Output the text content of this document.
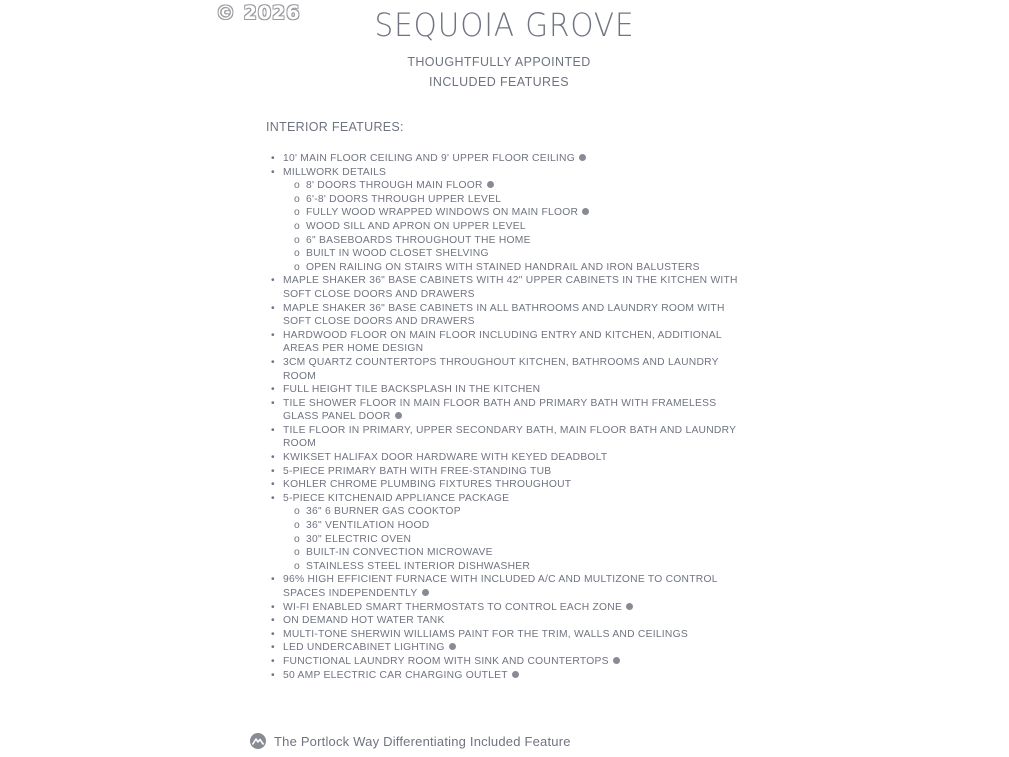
© 2026	SEQUOIA GROVE
THOUGHTFULLY APPOINTED
INCLUDED FEATURES
INTERIOR FEATURES:
• 10' MAIN FLOOR CEILING AND 9' UPPER FLOOR CEILING
• MILLWORK DETAILS
o 8' DOORS THROUGH MAIN FLOOR
o 6'-8' DOORS THROUGH UPPER LEVEL
o FULLY WOOD WRAPPED WINDOWS ON MAIN FLOOR
o WOOD SILL AND APRON ON UPPER LEVEL
o 6" BASEBOARDS THROUGHOUT THE HOME
o BUILT IN WOOD CLOSET SHELVING
o OPEN RAILING ON STAIRS WITH STAINED HANDRAIL AND IRON BALUSTERS
• MAPLE SHAKER 36" BASE CABINETS WITH 42" UPPER CABINETS IN THE KITCHEN WITH SOFT CLOSE DOORS AND DRAWERS
• MAPLE SHAKER 36" BASE CABINETS IN ALL BATHROOMS AND LAUNDRY ROOM WITH SOFT CLOSE DOORS AND DRAWERS
• HARDWOOD FLOOR ON MAIN FLOOR INCLUDING ENTRY AND KITCHEN, ADDITIONAL AREAS PER HOME DESIGN
• 3CM QUARTZ COUNTERTOPS THROUGHOUT KITCHEN, BATHROOMS AND LAUNDRY ROOM
• FULL HEIGHT TILE BACKSPLASH IN THE KITCHEN
• TILE SHOWER FLOOR IN MAIN FLOOR BATH AND PRIMARY BATH WITH FRAMELESS GLASS PANEL DOOR
• TILE FLOOR IN PRIMARY, UPPER SECONDARY BATH, MAIN FLOOR BATH AND LAUNDRY ROOM
• KWIKSET HALIFAX DOOR HARDWARE WITH KEYED DEADBOLT
• 5-PIECE PRIMARY BATH WITH FREE-STANDING TUB
• KOHLER CHROME PLUMBING FIXTURES THROUGHOUT
• 5-PIECE KITCHENAID APPLIANCE PACKAGE
o 36" 6 BURNER GAS COOKTOP
o 36" VENTILATION HOOD
o 30" ELECTRIC OVEN
o BUILT-IN CONVECTION MICROWAVE
o STAINLESS STEEL INTERIOR DISHWASHER
• 96% HIGH EFFICIENT FURNACE WITH INCLUDED A/C AND MULTIZONE TO CONTROL SPACES INDEPENDENTLY
• WI-FI ENABLED SMART THERMOSTATS TO CONTROL EACH ZONE
• ON DEMAND HOT WATER TANK
• MULTI-TONE SHERWIN WILLIAMS PAINT FOR THE TRIM, WALLS AND CEILINGS
• LED UNDERCABINET LIGHTING
• FUNCTIONAL LAUNDRY ROOM WITH SINK AND COUNTERTOPS
• 50 AMP ELECTRIC CAR CHARGING OUTLET
The Portlock Way Differentiating Included Feature
